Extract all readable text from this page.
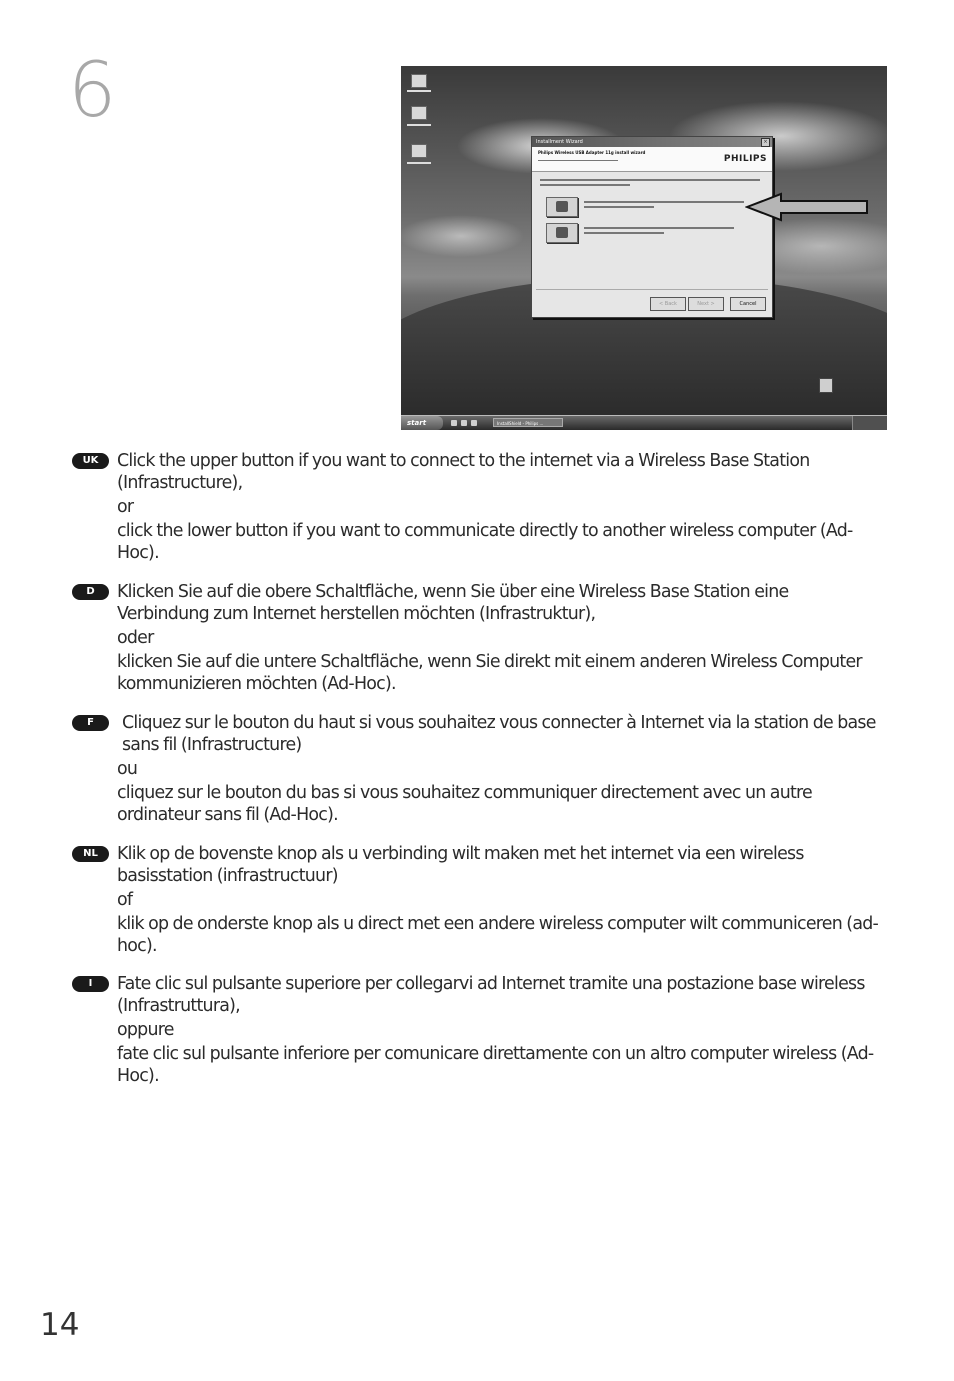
6
Installment Wizard	×
Philips Wireless USB Adapter 11g install wizard
PHILIPS
< Back	Next >	Cancel
start	InstallShield - Philips ...
UK	Click the upper button if you want to connect to the internet via a Wireless Base Station (Infrastructure),

or

click the lower button if you want to communicate directly to another wireless computer (Ad-Hoc).

D	Klicken Sie auf die obere Schaltfläche, wenn Sie über eine Wireless Base Station eine Verbindung zum Internet herstellen möchten (Infrastruktur),

oder

klicken Sie auf die untere Schaltfläche, wenn Sie direkt mit einem anderen Wireless Computer kommunizieren möchten (Ad-Hoc).

F	Cliquez sur le bouton du haut si vous souhaitez vous connecter à Internet via la station de base sans fil (Infrastructure)

ou

cliquez sur le bouton du bas si vous souhaitez communiquer directement avec un autre ordinateur sans fil (Ad-Hoc).

NL	Klik op de bovenste knop als u verbinding wilt maken met het internet via een wireless basisstation (infrastructuur)

of

klik op de onderste knop als u direct met een andere wireless computer wilt communiceren (ad-hoc).

I	Fate clic sul pulsante superiore per collegarvi ad Internet tramite una postazione base wireless (Infrastruttura),

oppure

fate clic sul pulsante inferiore per comunicare direttamente con un altro computer wireless (Ad-Hoc).

14
